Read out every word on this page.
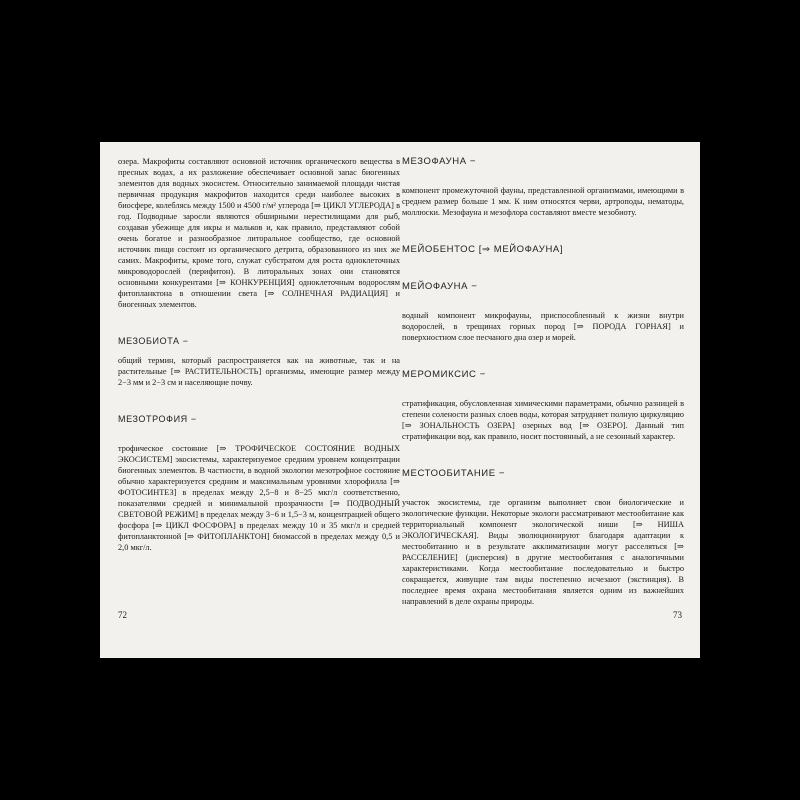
озера. Макрофиты составляют основной источник органического вещества в пресных водах, а их разложение обеспечивает основной запас биогенных элементов для водных экосистем. Относительно занимаемой площади чистая первичная продукция макрофитов находится среди наиболее высоких в биосфере, колеблясь между 1500 и 4500 г/м² углерода [⇒ ЦИКЛ УГЛЕРОДА] в год. Подводные заросли являются обширными нерестилищами для рыб, создавая убежище для икры и мальков и, как правило, представляют собой очень богатое и разнообразное литоральное сообщество, где основной источник пищи состоит из органического детрита, образованного из них же самих. Макрофиты, кроме того, служат субстратом для роста одноклеточных микроводорослей (перифитон). В литоральных зонах они становятся основными конкурентами [⇒ КОНКУРЕНЦИЯ] одноклеточным водорослям фитопланктона в отношении света [⇒ СОЛНЕЧНАЯ РАДИАЦИЯ] и биогенных элементов.

МЕЗОБИОТА −

общий термин, который распространяется как на животные, так и на растительные [⇒ РАСТИТЕЛЬНОСТЬ] организмы, имеющие размер между 2−3 мм и 2−3 см и населяющие почву.

МЕЗОТРОФИЯ −

трофическое состояние [⇒ ТРОФИЧЕСКОЕ СОСТОЯНИЕ ВОДНЫХ ЭКОСИСТЕМ] экосистемы, характеризуемое средним уровнем концентрации биогенных элементов. В частности, в водной экологии мезотрофное состояние обычно характеризуется средним и максимальным уровнями хлорофилла [⇒ ФОТОСИНТЕЗ] в пределах между 2,5−8 и 8−25 мкг/л соответственно, показателями средней и минимальной прозрачности [⇒ ПОДВОДНЫЙ СВЕТОВОЙ РЕЖИМ] в пределах между 3−6 и 1,5−3 м, концентрацией общего фосфора [⇒ ЦИКЛ ФОСФОРА] в пределах между 10 и 35 мкг/л и средней фитопланктонной [⇒ ФИТОПЛАНКТОН] биомассой в пределах между 0,5 и 2,0 мкг/л.

72
МЕЗОФАУНА −

компонент промежуточной фауны, представленной организмами, имеющими в среднем размер больше 1 мм. К ним относятся черви, артроподы, нематоды, моллюски. Мезофауна и мезофлора составляют вместе мезобиоту.

МЕЙОБЕНТОС [⇒ МЕЙОФАУНА]
МЕЙОФАУНА −

водный компонент микрофауны, приспособленный к жизни внутри водорослей, в трещинах горных пород [⇒ ПОРОДА ГОРНАЯ] и поверхностном слое песчаного дна озер и морей.

МЕРОМИКСИС −

стратификация, обусловленная химическими параметрами, обычно разницей в степени солености разных слоев воды, которая затрудняет полную циркуляцию [⇒ ЗОНАЛЬНОСТЬ ОЗЕРА] озерных вод [⇒ ОЗЕРО]. Данный тип стратификации вод, как правило, носит постоянный, а не сезонный характер.

МЕСТООБИТАНИЕ −

участок экосистемы, где организм выполняет свои биологические и экологические функции. Некоторые экологи рассматривают местообитание как территориальный компонент экологической ниши [⇒ НИША ЭКОЛОГИЧЕСКАЯ]. Виды эволюционируют благодаря адаптации к местообитанию и в результате акклиматизации могут расселяться [⇒ РАССЕЛЕНИЕ] (дисперсия) в другие местообитания с аналогичными характеристиками. Когда местообитание последовательно и быстро сокращается, живущие там виды постепенно исчезают (экстинция). В последнее время охрана местообитания является одним из важнейших направлений в деле охраны природы.

73
